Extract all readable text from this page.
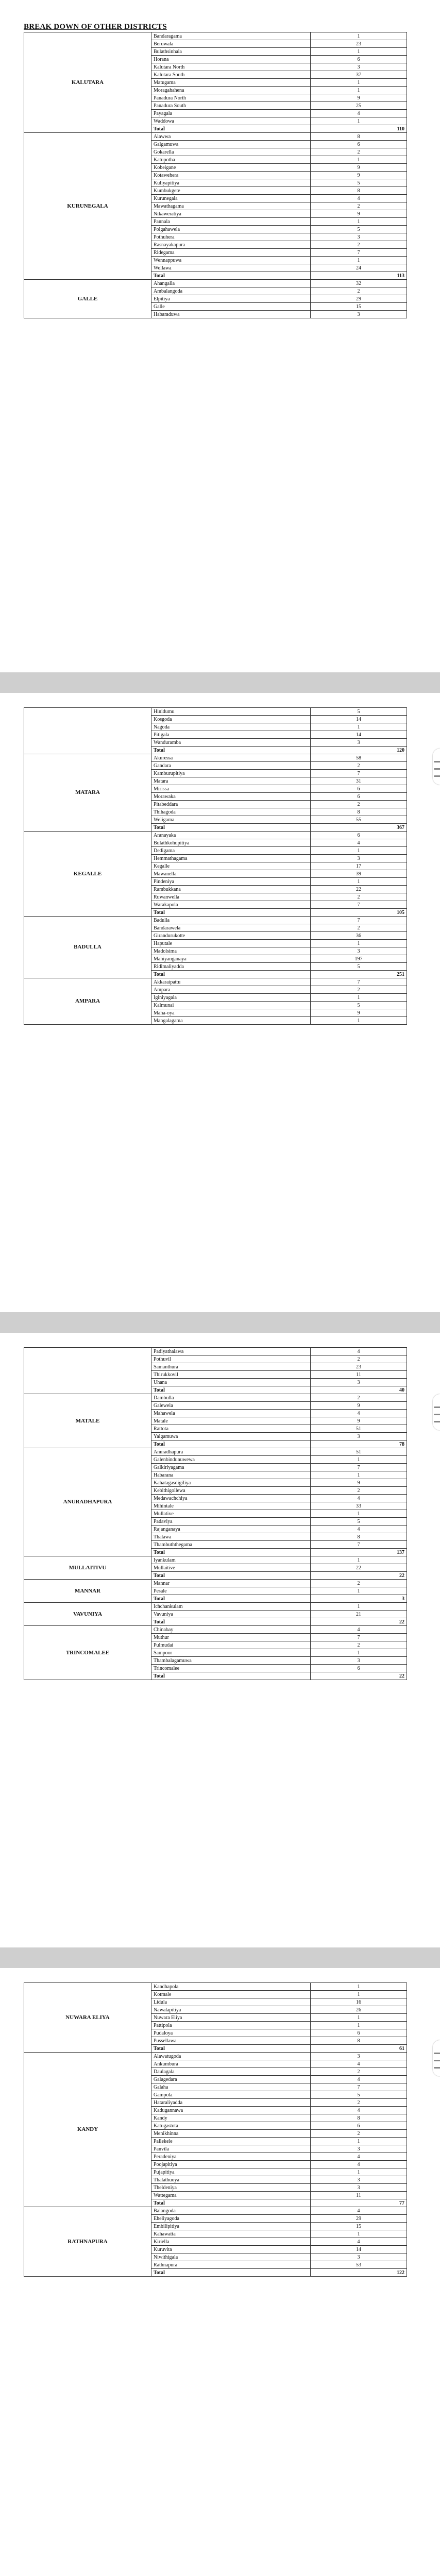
BREAK DOWN OF OTHER DISTRICTS
KALUTARA	Bandaragama	1
	Beruwala	23
	Bulathsinhala	1
	Horana	6
	Kalutara North	3
	Kalutara South	37
	Matugama	1
	Moragahahena	1
	Panadura North	9
	Panadura South	25
	Payagala	4
	Waddowa	1
	Total	110
KURUNEGALA	Alawwa	8
	Galgamuwa	6
	Gokarella	2
	Katupotha	1
	Kobeigane	9
	Kotawehera	9
	Kuliyapitiya	5
	Kumbukgete	8
	Kurunegala	4
	Mawathagama	2
	Nikaweratiya	9
	Pannala	1
	Polgahawela	5
	Pothuhera	3
	Rasnayakapura	2
	Ridegama	7
	Wennappuwa	1
	Wellawa	24
	Total	113
GALLE	Ahangalla	32
	Ambalangoda	2
	Elpitiya	29
	Galle	15
	Habaraduwa	3
	Hinidumu	5
	Kosgoda	14
	Nagoda	1
	Pitigala	14
	Wanduramba	3
	Total	120
MATARA	Akuressa	58
	Gandara	2
	Kamburupitiya	7
	Matara	31
	Mirissa	6
	Morawaka	6
	Pitabeddara	2
	Thihagoda	8
	Weligama	55
	Total	367
KEGALLE	Aranayaka	6
	Bulathkohupitiya	4
	Dedigama	1
	Hemmathagama	3
	Kegalle	17
	Mawanella	39
	Pindeniya	1
	Rambukkana	22
	Ruwanwella	2
	Warakapola	7
	Total	105
BADULLA	Badulla	7
	Bandarawela	2
	Girandurukotte	36
	Haputale	1
	Madolsima	3
	Mahiyanganaya	197
	Ridimaliyadda	5
	Total	251
AMPARA	Akkaraipattu	7
	Ampara	2
	Iginiyagala	1
	Kalmunai	5
	Maha-oya	9
	Mangalagama	1
	Padiyathalawa	4
	Pothuvil	2
	Samanthura	23
	Thirukkovil	11
	Uhana	3
	Total	40
MATALE	Dambulla	2
	Galewela	9
	Mahawela	4
	Matale	9
	Rattota	51
	Yalgamuwa	3
	Total	78
ANURADHAPURA	Anuradhapura	51
	Galenbindunuwewa	1
	Galkiriyagama	7
	Habarana	1
	Kahatagasdigiliya	9
	Kebithigollewa	2
	Medawachchiya	4
	Mihintale	33
	Mullative	1
	Padaviya	5
	Rajanganaya	4
	Thalawa	8
	Thambuththegama	7
	Total	137
MULLAITIVU	Iyankulam	1
	Mullaitive	22
	Total	22
MANNAR	Mannar	2
	Pesale	1
	Total	3
VAVUNIYA	Ichchankulam	1
	Vavuniya	21
	Total	22
TRINCOMALEE	Chinabay	4
	Muthur	7
	Pulmudai	2
	Sampoor	1
	Thambalagamuwa	3
	Trincomalee	6
	Total	22
NUWARA ELIYA	Kandhapola	1
	Kotmale	1
	Lidula	16
	Nawalapitiya	26
	Nuwara Eliya	1
	Pattipola	1
	Pudaloya	6
	Pussellawa	8
	Total	61
KANDY	Alawatugoda	3
	Ankumbura	4
	Daulagala	2
	Galagedara	4
	Galaha	7
	Gampola	5
	Hataraliyadda	2
	Kadugannawa	4
	Kandy	8
	Katugastota	6
	Menikhinna	2
	Pallekele	1
	Panvila	3
	Peradeniya	4
	Poojapitiya	4
	Pujapitiya	1
	Thalathuoya	3
	Theldeniya	3
	Wattegama	11
	Total	77
RATHNAPURA	Balangoda	4
	Eheliyagoda	29
	Embilipitiya	15
	Kahawatta	1
	Kiriella	4
	Kuruvita	14
	Niwithigala	3
	Rathnapura	53
	Total	122
